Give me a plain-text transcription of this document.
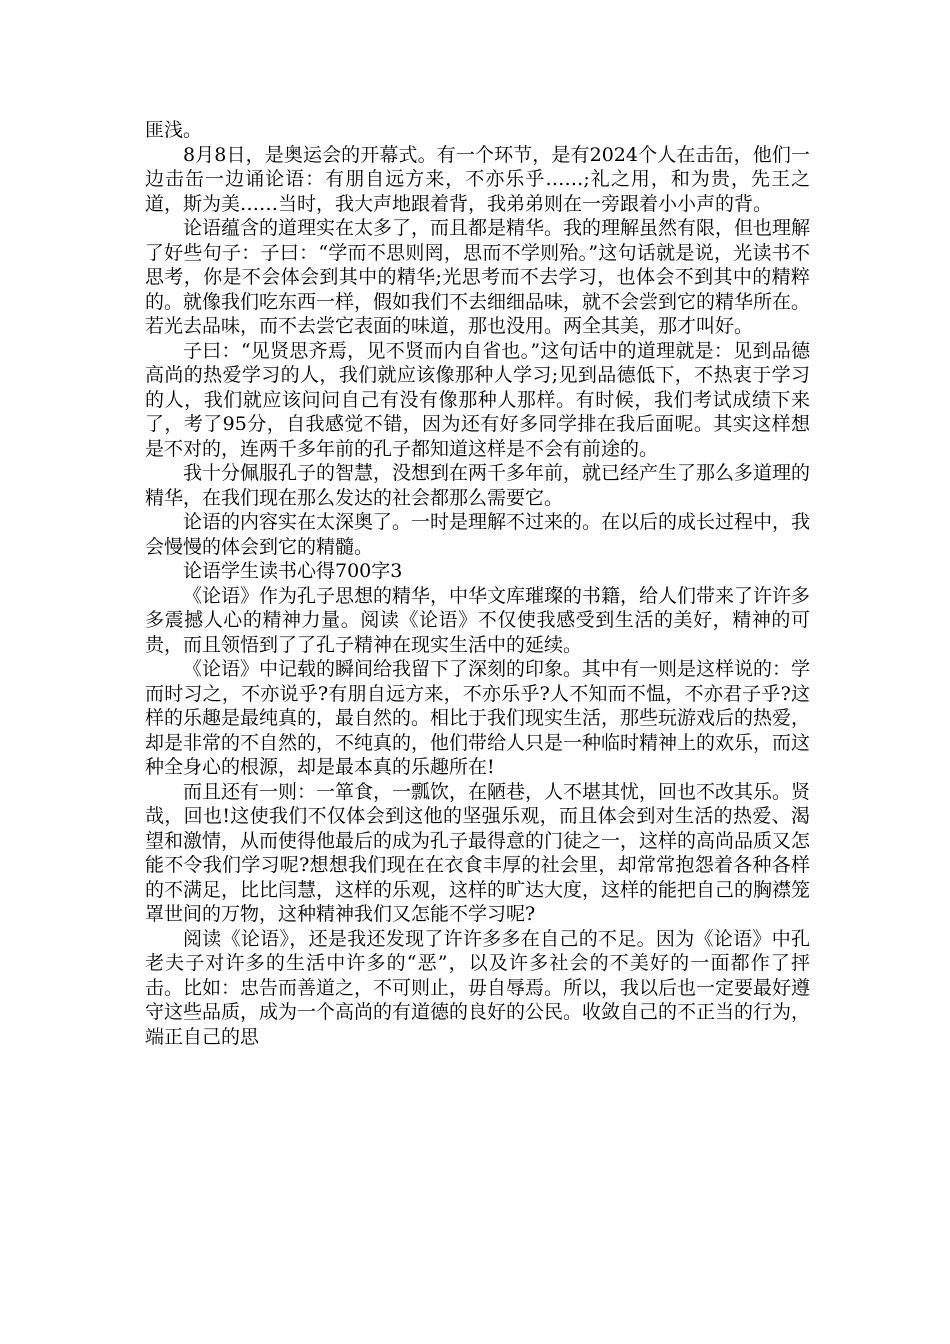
匪浅。

8月8日，是奥运会的开幕式。有一个环节，是有2024个人在击缶，他们一边击缶一边诵论语：有朋自远方来，不亦乐乎……;礼之用，和为贵，先王之道，斯为美……当时，我大声地跟着背，我弟弟则在一旁跟着小小声的背。

论语蕴含的道理实在太多了，而且都是精华。我的理解虽然有限，但也理解了好些句子：子曰：“学而不思则罔，思而不学则殆。”这句话就是说，光读书不思考，你是不会体会到其中的精华;光思考而不去学习，也体会不到其中的精粹的。就像我们吃东西一样，假如我们不去细细品味，就不会尝到它的精华所在。若光去品味，而不去尝它表面的味道，那也没用。两全其美，那才叫好。

子曰：“见贤思齐焉，见不贤而内自省也。”这句话中的道理就是：见到品德高尚的热爱学习的人，我们就应该像那种人学习;见到品德低下，不热衷于学习的人，我们就应该问问自己有没有像那种人那样。有时候，我们考试成绩下来了，考了95分，自我感觉不错，因为还有好多同学排在我后面呢。其实这样想是不对的，连两千多年前的孔子都知道这样是不会有前途的。

我十分佩服孔子的智慧，没想到在两千多年前，就已经产生了那么多道理的精华，在我们现在那么发达的社会都那么需要它。

论语的内容实在太深奥了。一时是理解不过来的。在以后的成长过程中，我会慢慢的体会到它的精髓。

论语学生读书心得700字3

《论语》作为孔子思想的精华，中华文库璀璨的书籍，给人们带来了许许多多震撼人心的精神力量。阅读《论语》不仅使我感受到生活的美好，精神的可贵，而且领悟到了了孔子精神在现实生活中的延续。

《论语》中记载的瞬间给我留下了深刻的印象。其中有一则是这样说的：学而时习之，不亦说乎?有朋自远方来，不亦乐乎?人不知而不愠，不亦君子乎?这样的乐趣是最纯真的，最自然的。相比于我们现实生活，那些玩游戏后的热爱，却是非常的不自然的，不纯真的，他们带给人只是一种临时精神上的欢乐，而这种全身心的根源，却是最本真的乐趣所在!

而且还有一则：一箪食，一瓢饮，在陋巷，人不堪其忧，回也不改其乐。贤哉，回也!这使我们不仅体会到这他的坚强乐观，而且体会到对生活的热爱、渴望和激情，从而使得他最后的成为孔子最得意的门徒之一，这样的高尚品质又怎能不令我们学习呢?想想我们现在在衣食丰厚的社会里，却常常抱怨着各种各样的不满足，比比闫慧，这样的乐观，这样的旷达大度，这样的能把自己的胸襟笼罩世间的万物，这种精神我们又怎能不学习呢?

阅读《论语》，还是我还发现了许许多多在自己的不足。因为《论语》中孔老夫子对许多的生活中许多的“恶”，以及许多社会的不美好的一面都作了抨击。比如：忠告而善道之，不可则止，毋自辱焉。所以，我以后也一定要最好遵守这些品质，成为一个高尚的有道德的良好的公民。收敛自己的不正当的行为，端正自己的思
